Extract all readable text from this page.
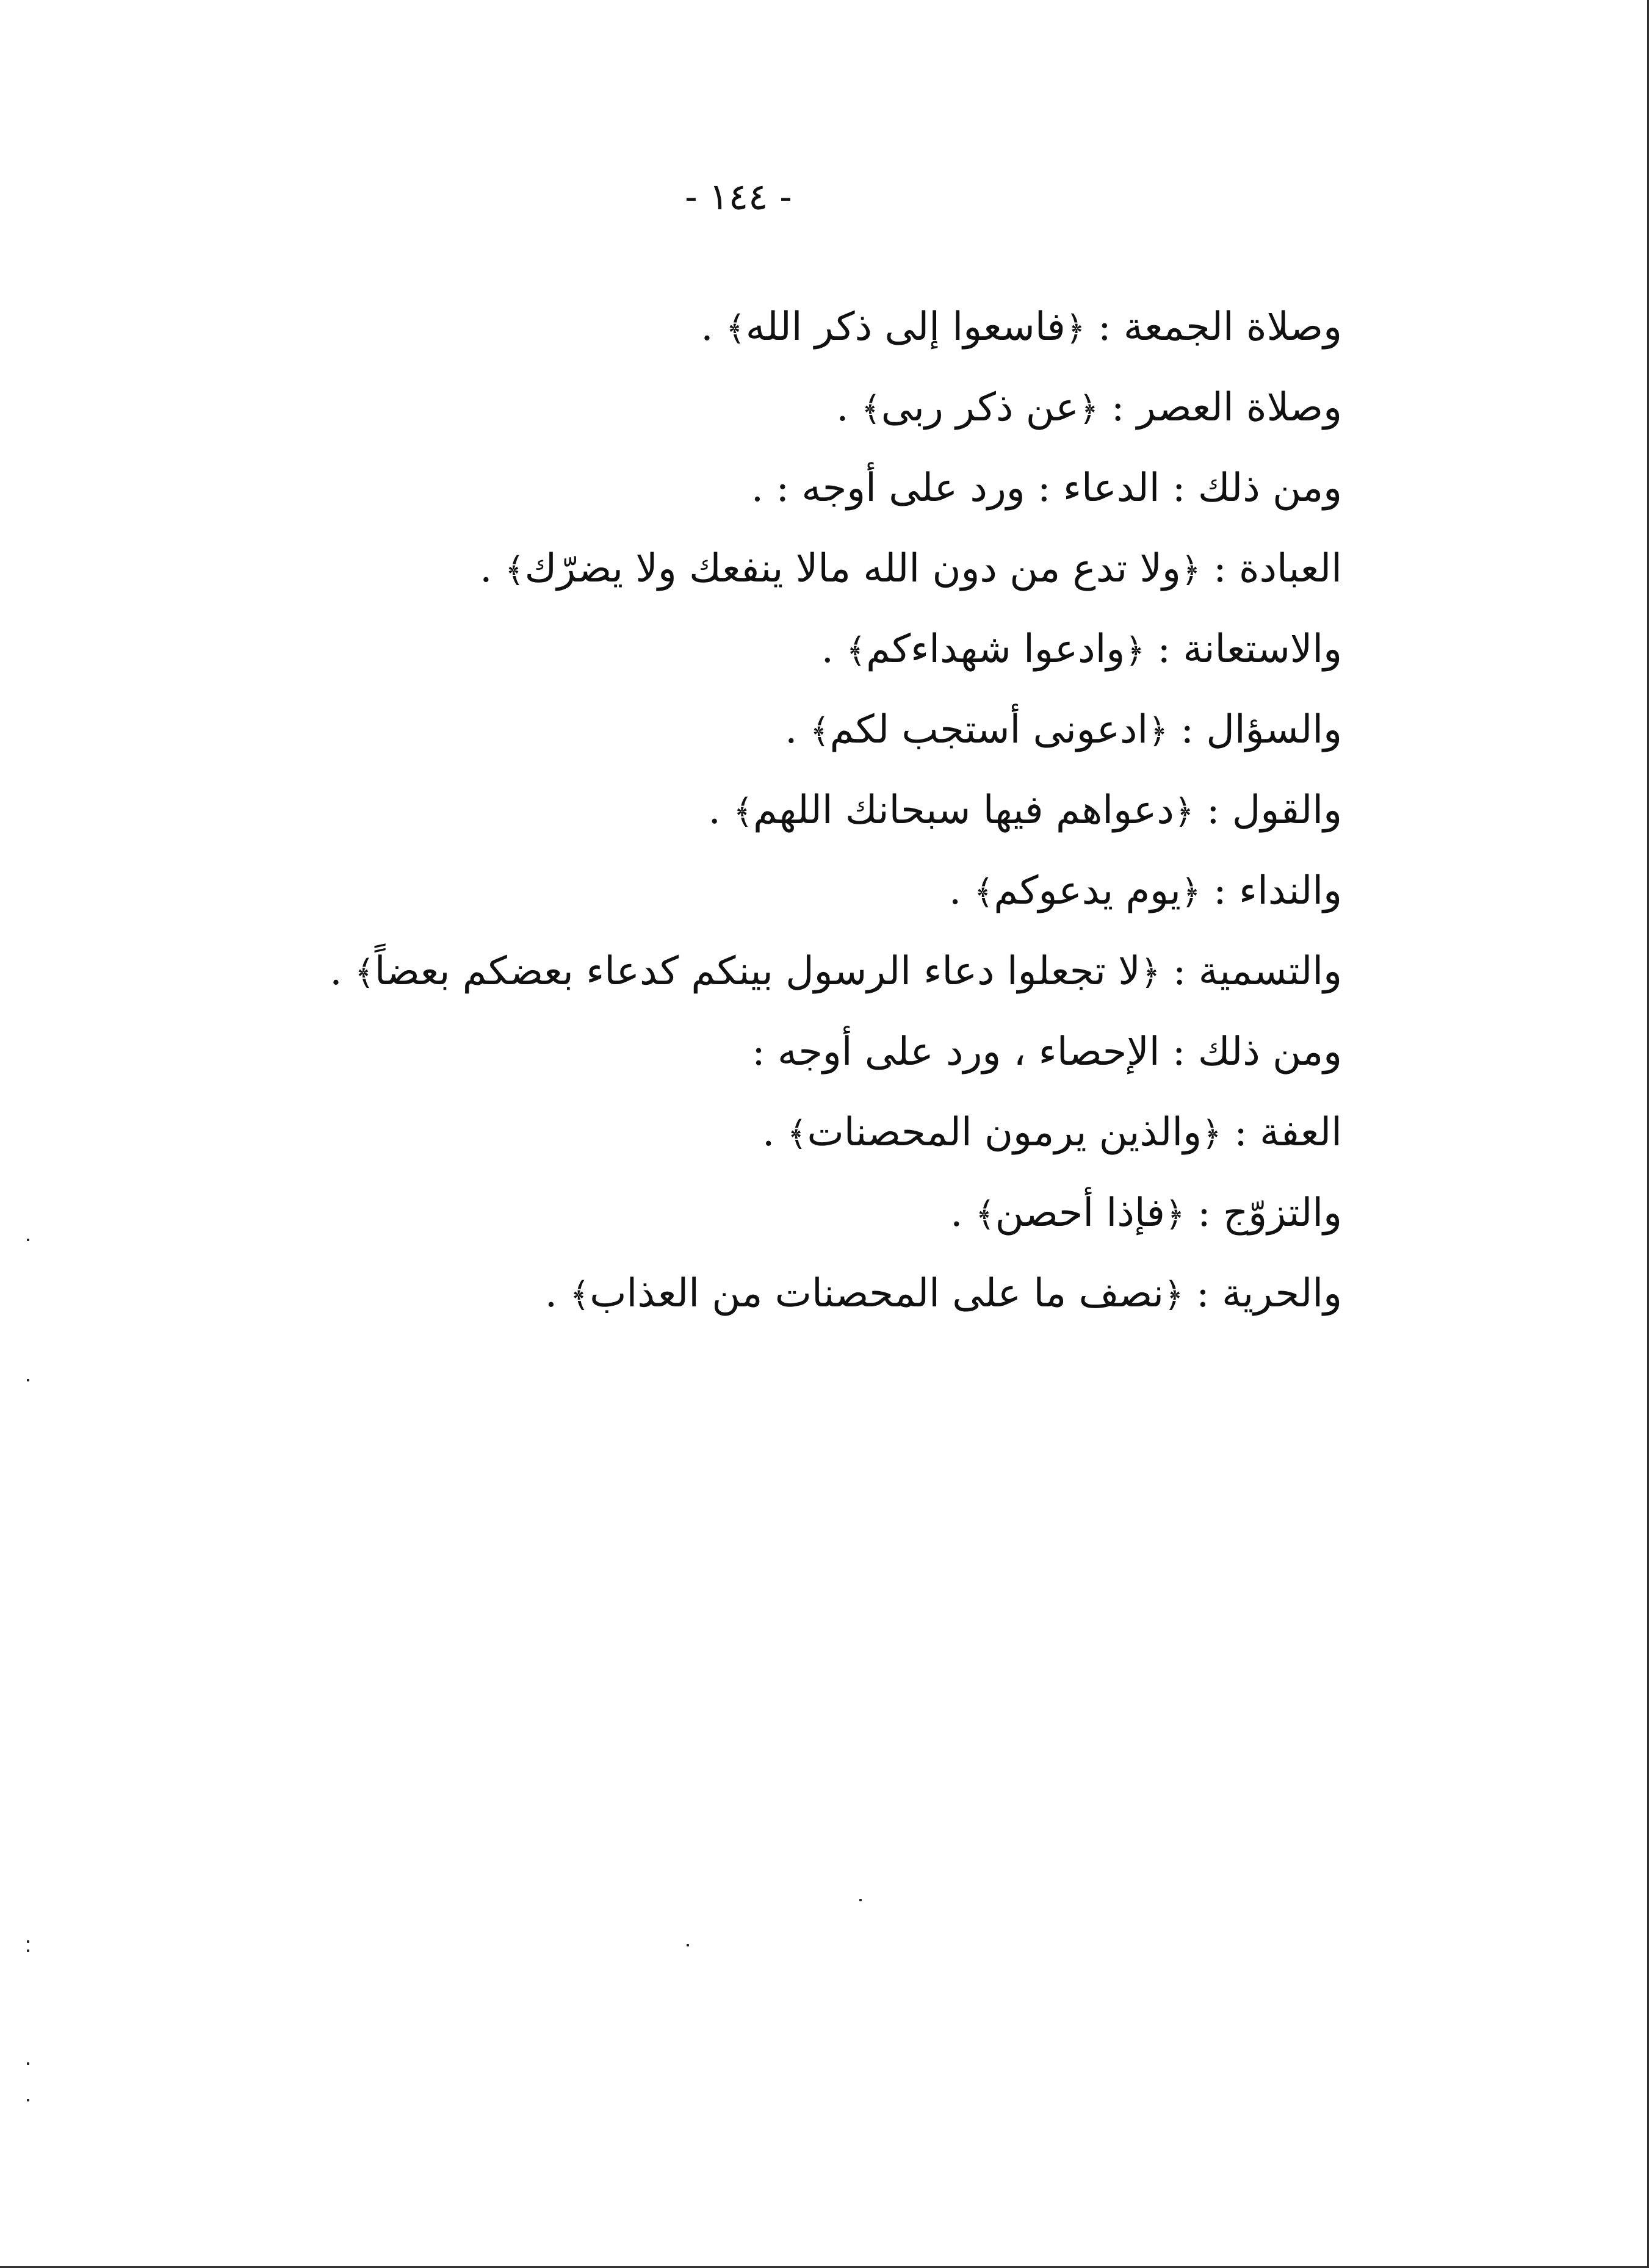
- ١٤٤ -
وصلاة الجمعة : ﴿فاسعوا إلى ذكر الله﴾ .
وصلاة العصر : ﴿عن ذكر ربى﴾ .
ومن ذلك : الدعاء : ورد على أوجه : .
العبادة : ﴿ولا تدع من دون الله مالا ينفعك ولا يضرّك﴾ .
والاستعانة : ﴿وادعوا شهداءكم﴾ .
والسؤال : ﴿ادعونى أستجب لكم﴾ .
والقول : ﴿دعواهم فيها سبحانك اللهم﴾ .
والنداء : ﴿يوم يدعوكم﴾ .
والتسمية : ﴿لا تجعلوا دعاء الرسول بينكم كدعاء بعضكم بعضاً﴾ .
ومن ذلك : الإحصاء ، ورد على أوجه :
العفة : ﴿والذين يرمون المحصنات﴾ .
والتزوّج : ﴿فإذا أحصن﴾ .
والحرية : ﴿نصف ما على المحصنات من العذاب﴾ .
